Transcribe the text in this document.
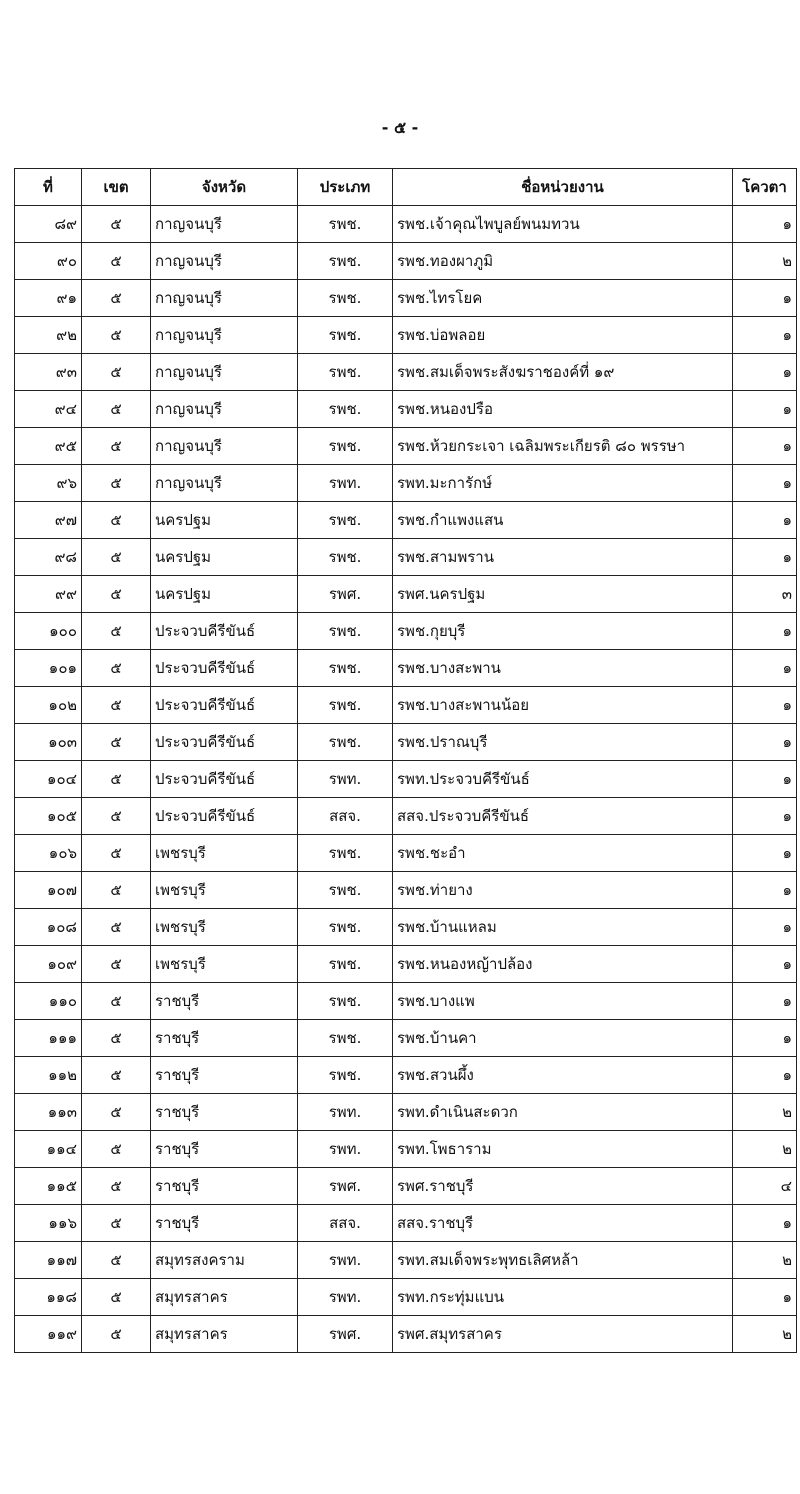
- ๕ -
ที่	เขต	จังหวัด	ประเภท	ชื่อหน่วยงาน	โควตา
๘๙	๕	กาญจนบุรี	รพช.	รพช.เจ้าคุณไพบูลย์พนมทวน	๑
๙๐	๕	กาญจนบุรี	รพช.	รพช.ทองผาภูมิ	๒
๙๑	๕	กาญจนบุรี	รพช.	รพช.ไทรโยค	๑
๙๒	๕	กาญจนบุรี	รพช.	รพช.บ่อพลอย	๑
๙๓	๕	กาญจนบุรี	รพช.	รพช.สมเด็จพระสังฆราชองค์ที่ ๑๙	๑
๙๔	๕	กาญจนบุรี	รพช.	รพช.หนองปรือ	๑
๙๕	๕	กาญจนบุรี	รพช.	รพช.ห้วยกระเจา เฉลิมพระเกียรติ ๘๐ พรรษา	๑
๙๖	๕	กาญจนบุรี	รพท.	รพท.มะการักษ์	๑
๙๗	๕	นครปฐม	รพช.	รพช.กำแพงแสน	๑
๙๘	๕	นครปฐม	รพช.	รพช.สามพราน	๑
๙๙	๕	นครปฐม	รพศ.	รพศ.นครปฐม	๓
๑๐๐	๕	ประจวบคีรีขันธ์	รพช.	รพช.กุยบุรี	๑
๑๐๑	๕	ประจวบคีรีขันธ์	รพช.	รพช.บางสะพาน	๑
๑๐๒	๕	ประจวบคีรีขันธ์	รพช.	รพช.บางสะพานน้อย	๑
๑๐๓	๕	ประจวบคีรีขันธ์	รพช.	รพช.ปราณบุรี	๑
๑๐๔	๕	ประจวบคีรีขันธ์	รพท.	รพท.ประจวบคีรีขันธ์	๑
๑๐๕	๕	ประจวบคีรีขันธ์	สสจ.	สสจ.ประจวบคีรีขันธ์	๑
๑๐๖	๕	เพชรบุรี	รพช.	รพช.ชะอำ	๑
๑๐๗	๕	เพชรบุรี	รพช.	รพช.ท่ายาง	๑
๑๐๘	๕	เพชรบุรี	รพช.	รพช.บ้านแหลม	๑
๑๐๙	๕	เพชรบุรี	รพช.	รพช.หนองหญ้าปล้อง	๑
๑๑๐	๕	ราชบุรี	รพช.	รพช.บางแพ	๑
๑๑๑	๕	ราชบุรี	รพช.	รพช.บ้านคา	๑
๑๑๒	๕	ราชบุรี	รพช.	รพช.สวนผึ้ง	๑
๑๑๓	๕	ราชบุรี	รพท.	รพท.ดำเนินสะดวก	๒
๑๑๔	๕	ราชบุรี	รพท.	รพท.โพธาราม	๒
๑๑๕	๕	ราชบุรี	รพศ.	รพศ.ราชบุรี	๔
๑๑๖	๕	ราชบุรี	สสจ.	สสจ.ราชบุรี	๑
๑๑๗	๕	สมุทรสงคราม	รพท.	รพท.สมเด็จพระพุทธเลิศหล้า	๒
๑๑๘	๕	สมุทรสาคร	รพท.	รพท.กระทุ่มแบน	๑
๑๑๙	๕	สมุทรสาคร	รพศ.	รพศ.สมุทรสาคร	๒
